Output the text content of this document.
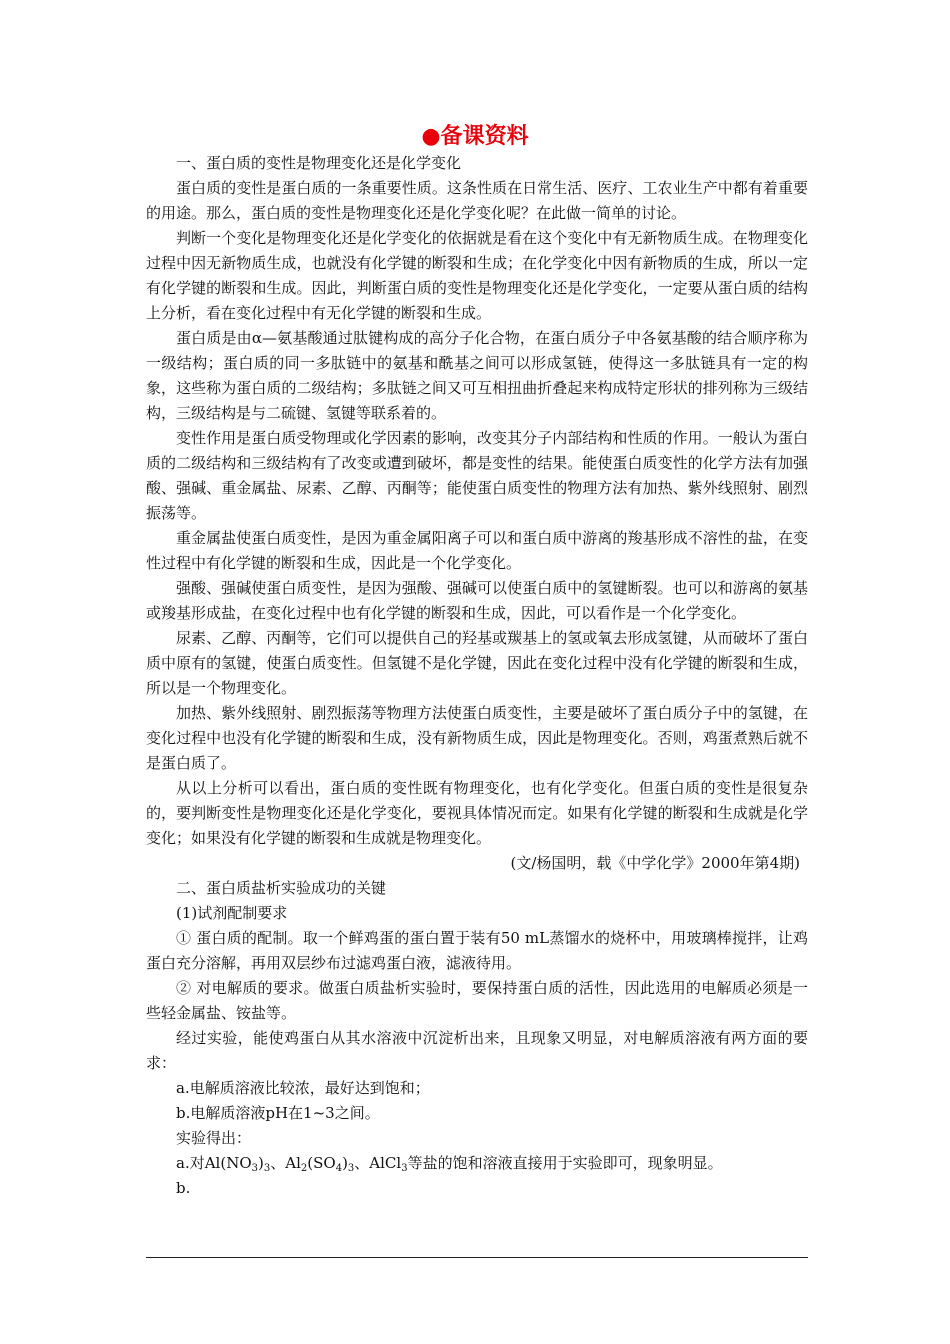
●备课资料

一、蛋白质的变性是物理变化还是化学变化

蛋白质的变性是蛋白质的一条重要性质。这条性质在日常生活、医疗、工农业生产中都有着重要的用途。那么，蛋白质的变性是物理变化还是化学变化呢？在此做一简单的讨论。

判断一个变化是物理变化还是化学变化的依据就是看在这个变化中有无新物质生成。在物理变化过程中因无新物质生成，也就没有化学键的断裂和生成；在化学变化中因有新物质的生成，所以一定有化学键的断裂和生成。因此，判断蛋白质的变性是物理变化还是化学变化，一定要从蛋白质的结构上分析，看在变化过程中有无化学键的断裂和生成。

蛋白质是由α—氨基酸通过肽键构成的高分子化合物，在蛋白质分子中各氨基酸的结合顺序称为一级结构；蛋白质的同一多肽链中的氨基和酰基之间可以形成氢链，使得这一多肽链具有一定的构象，这些称为蛋白质的二级结构；多肽链之间又可互相扭曲折叠起来构成特定形状的排列称为三级结构，三级结构是与二硫键、氢键等联系着的。

变性作用是蛋白质受物理或化学因素的影响，改变其分子内部结构和性质的作用。一般认为蛋白质的二级结构和三级结构有了改变或遭到破坏，都是变性的结果。能使蛋白质变性的化学方法有加强酸、强碱、重金属盐、尿素、乙醇、丙酮等；能使蛋白质变性的物理方法有加热、紫外线照射、剧烈振荡等。

重金属盐使蛋白质变性，是因为重金属阳离子可以和蛋白质中游离的羧基形成不溶性的盐，在变性过程中有化学键的断裂和生成，因此是一个化学变化。

强酸、强碱使蛋白质变性，是因为强酸、强碱可以使蛋白质中的氢键断裂。也可以和游离的氨基或羧基形成盐，在变化过程中也有化学键的断裂和生成，因此，可以看作是一个化学变化。

尿素、乙醇、丙酮等，它们可以提供自己的羟基或羰基上的氢或氧去形成氢键，从而破坏了蛋白质中原有的氢键，使蛋白质变性。但氢键不是化学键，因此在变化过程中没有化学键的断裂和生成，所以是一个物理变化。

加热、紫外线照射、剧烈振荡等物理方法使蛋白质变性，主要是破坏了蛋白质分子中的氢键，在变化过程中也没有化学键的断裂和生成，没有新物质生成，因此是物理变化。否则，鸡蛋煮熟后就不是蛋白质了。

从以上分析可以看出，蛋白质的变性既有物理变化，也有化学变化。但蛋白质的变性是很复杂的，要判断变性是物理变化还是化学变化，要视具体情况而定。如果有化学键的断裂和生成就是化学变化；如果没有化学键的断裂和生成就是物理变化。

(文/杨国明，载《中学化学》2000年第4期)

二、蛋白质盐析实验成功的关键

(1)试剂配制要求

① 蛋白质的配制。取一个鲜鸡蛋的蛋白置于装有50 mL蒸馏水的烧杯中，用玻璃棒搅拌，让鸡蛋白充分溶解，再用双层纱布过滤鸡蛋白液，滤液待用。

② 对电解质的要求。做蛋白质盐析实验时，要保持蛋白质的活性，因此选用的电解质必须是一些轻金属盐、铵盐等。

经过实验，能使鸡蛋白从其水溶液中沉淀析出来，且现象又明显，对电解质溶液有两方面的要求：

a.电解质溶液比较浓，最好达到饱和；

b.电解质溶液pH在1~3之间。

实验得出：

a.对$Al(NO_3)_3$、$Al_2(SO_4)_3$、AlCl$_3$等盐的饱和溶液直接用于实验即可，现象明显。

b.
